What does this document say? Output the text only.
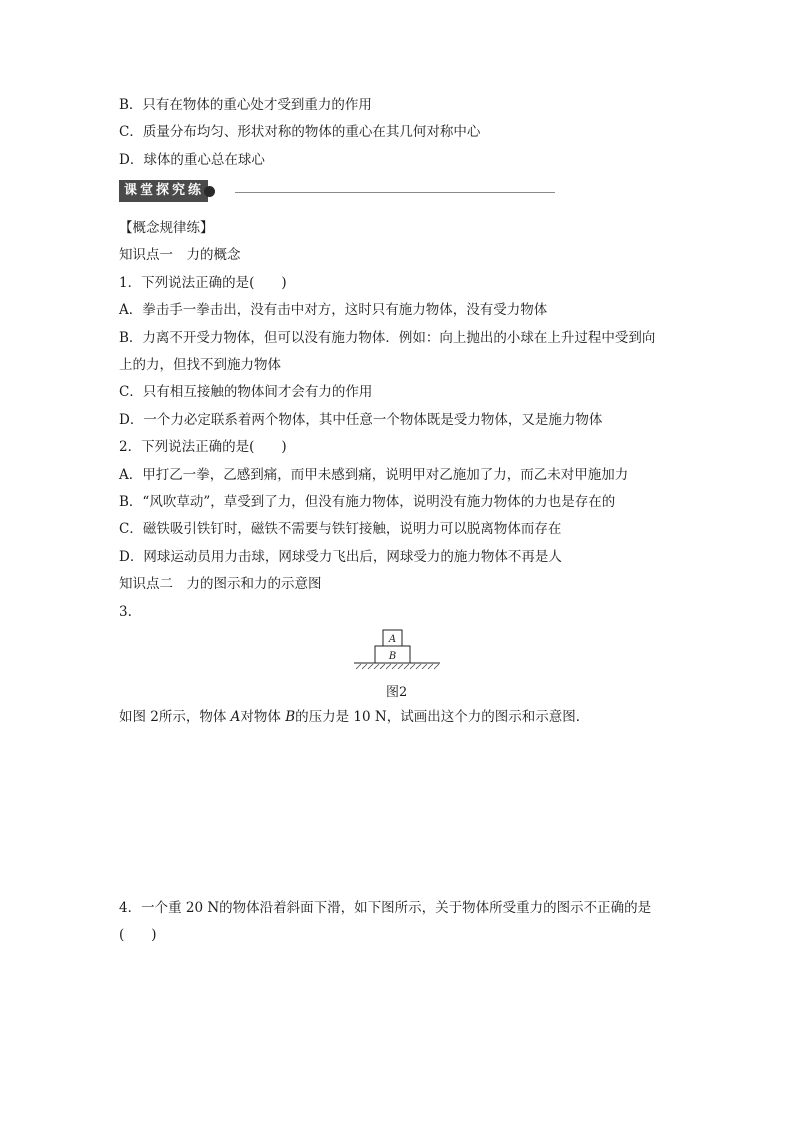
B．只有在物体的重心处才受到重力的作用
C．质量分布均匀、形状对称的物体的重心在其几何对称中心
D．球体的重心总在球心
课堂探究练
【概念规律练】
知识点一　力的概念
1．下列说法正确的是(　　)
A．拳击手一拳击出，没有击中对方，这时只有施力物体，没有受力物体
B．力离不开受力物体，但可以没有施力物体．例如：向上抛出的小球在上升过程中受到向
上的力，但找不到施力物体
C．只有相互接触的物体间才会有力的作用
D．一个力必定联系着两个物体，其中任意一个物体既是受力物体，又是施力物体
2．下列说法正确的是(　　)
A．甲打乙一拳，乙感到痛，而甲未感到痛，说明甲对乙施加了力，而乙未对甲施加力
B．“风吹草动”，草受到了力，但没有施力物体，说明没有施力物体的力也是存在的
C．磁铁吸引铁钉时，磁铁不需要与铁钉接触，说明力可以脱离物体而存在
D．网球运动员用力击球，网球受力飞出后，网球受力的施力物体不再是人
知识点二　力的图示和力的示意图
3.
A
B
图2
如图 2所示，物体 A对物体 B的压力是 10 N，试画出这个力的图示和示意图．
4．一个重 20 N的物体沿着斜面下滑，如下图所示，关于物体所受重力的图示不正确的是
(　　)
